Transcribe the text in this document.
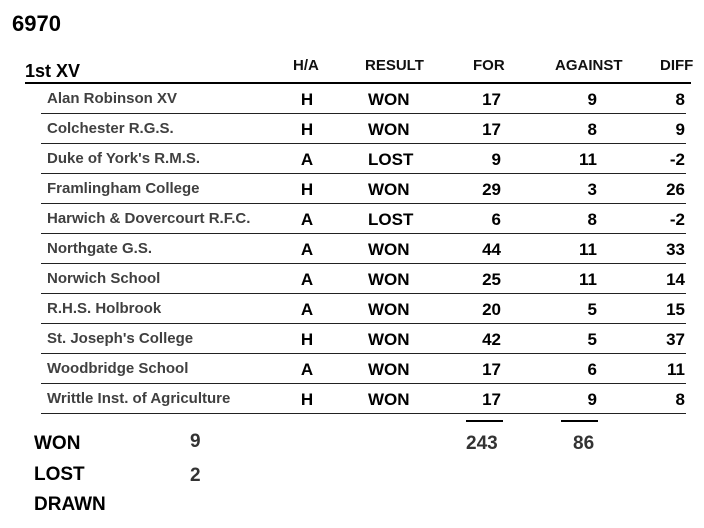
6970
1st XV	H/A	RESULT	FOR	AGAINST	DIFF
Alan Robinson XV	H	WON	17	9	8
Colchester R.G.S.	H	WON	17	8	9
Duke of York's R.M.S.	A	LOST	9	11	-2
Framlingham College	H	WON	29	3	26
Harwich & Dovercourt R.F.C.	A	LOST	6	8	-2
Northgate G.S.	A	WON	44	11	33
Norwich School	A	WON	25	11	14
R.H.S. Holbrook	A	WON	20	5	15
St. Joseph's College	H	WON	42	5	37
Woodbridge School	A	WON	17	6	11
Writtle Inst. of Agriculture	H	WON	17	9	8
243	86
WON	9
LOST	2
DRAWN
